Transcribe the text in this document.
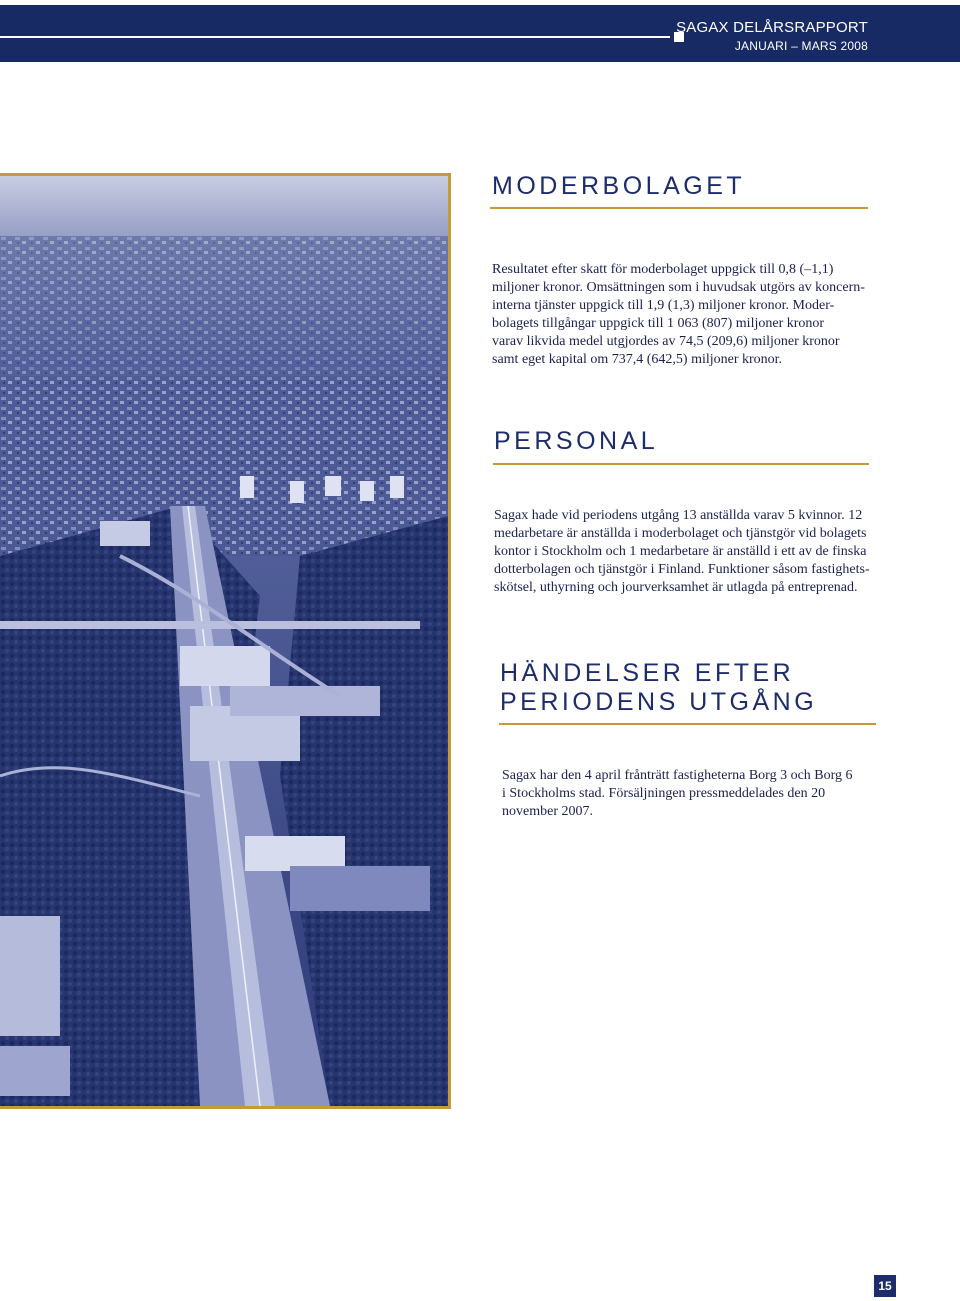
SAGAX DELÅRSRAPPORT
JANUARI – MARS 2008
MODERBOLAGET

Resultatet efter skatt för moderbolaget uppgick till 0,8 (–1,1)

miljoner kronor. Omsättningen som i huvudsak utgörs av koncern-

interna tjänster uppgick till 1,9 (1,3) miljoner kronor. Moder-

bolagets tillgångar uppgick till 1 063 (807) miljoner kronor

varav likvida medel utgjordes av 74,5 (209,6) miljoner kronor

samt eget kapital om 737,4 (642,5) miljoner kronor.

PERSONAL

Sagax hade vid periodens utgång 13 anställda varav 5 kvinnor. 12

medarbetare är anställda i moderbolaget och tjänstgör vid bolagets

kontor i Stockholm och 1 medarbetare är anställd i ett av de finska

dotterbolagen och tjänstgör i Finland. Funktioner såsom fastighets-

skötsel, uthyrning och jourverksamhet är utlagda på entreprenad.

HÄNDELSER EFTER
PERIODENS UTGÅNG

Sagax har den 4 april frånträtt fastigheterna Borg 3 och Borg 6

i Stockholms stad. Försäljningen pressmeddelades den 20

november 2007.

15
